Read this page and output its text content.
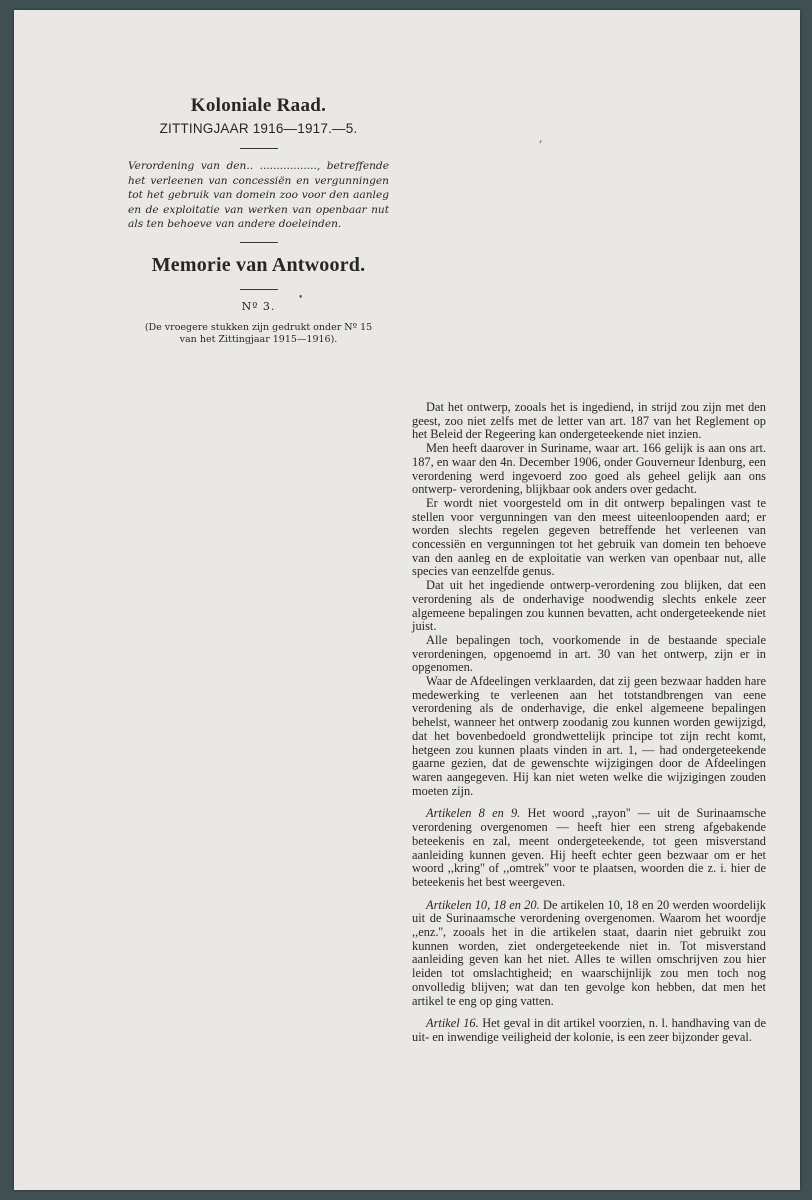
Koloniale Raad.
ZITTINGJAAR 1916—1917.—5.

Verordening van den.. ................., betreffende het verleenen van concessiën en vergunningen tot het gebruik van domein zoo voor den aanleg en de exploitatie van werken van openbaar nut als ten behoeve van andere doeleinden.

Memorie van Antwoord.
Nº 3.
(De vroegere stukken zijn gedrukt onder Nº 15
van het Zittingjaar 1915—1916).
,
•

Dat het ontwerp, zooals het is ingediend, in strijd zou zijn met den geest, zoo niet zelfs met de letter van art. 187 van het Reglement op het Beleid der Regeering kan ondergeteekende niet inzien.

Men heeft daarover in Suriname, waar art. 166 gelijk is aan ons art. 187, en waar den 4n. December 1906, onder Gouverneur Idenburg, een verordening werd ingevoerd zoo goed als geheel gelijk aan ons ontwerp- verordening, blijkbaar ook anders over gedacht.

Er wordt niet voorgesteld om in dit ontwerp bepalingen vast te stellen voor vergunningen van den meest uiteenloopenden aard; er worden slechts regelen gegeven betreffende het verleenen van concessiën en vergunningen tot het gebruik van domein ten behoeve van den aanleg en de exploitatie van werken van openbaar nut, alle species van eenzelfde genus.

Dat uit het ingediende ontwerp-verordening zou blijken, dat een verordening als de onderhavige noodwendig slechts enkele zeer algemeene bepalingen zou kunnen bevatten, acht ondergeteekende niet juist.

Alle bepalingen toch, voorkomende in de bestaande speciale verordeningen, opgenoemd in art. 30 van het ontwerp, zijn er in opgenomen.

Waar de Afdeelingen verklaarden, dat zij geen bezwaar hadden hare medewerking te verleenen aan het totstandbrengen van eene verordening als de onderhavige, die enkel algemeene bepalingen behelst, wanneer het ontwerp zoodanig zou kunnen worden gewijzigd, dat het bovenbedoeld grondwettelijk principe tot zijn recht komt, hetgeen zou kunnen plaats vinden in art. 1, — had ondergeteekende gaarne gezien, dat de gewenschte wijzigingen door de Afdeelingen waren aangegeven. Hij kan niet weten welke die wijzigingen zouden moeten zijn.

Artikelen 8 en 9. Het woord ,,rayon'' — uit de Surinaamsche verordening overgenomen — heeft hier een streng afgebakende beteekenis en zal, meent ondergeteekende, tot geen misverstand aanleiding kunnen geven. Hij heeft echter geen bezwaar om er het woord ,,kring'' of ,,omtrek'' voor te plaatsen, woorden die z. i. hier de beteekenis het best weergeven.

Artikelen 10, 18 en 20. De artikelen 10, 18 en 20 werden woordelijk uit de Surinaamsche verordening overgenomen. Waarom het woordje ,,enz.'', zooals het in die artikelen staat, daarin niet gebruikt zou kunnen worden, ziet ondergeteekende niet in. Tot misverstand aanleiding geven kan het niet. Alles te willen omschrijven zou hier leiden tot omslachtigheid; en waarschijnlijk zou men toch nog onvolledig blijven; wat dan ten gevolge kon hebben, dat men het artikel te eng op ging vatten.

Artikel 16. Het geval in dit artikel voorzien, n. l. handhaving van de uit- en inwendige veiligheid der kolonie, is een zeer bijzonder geval.
